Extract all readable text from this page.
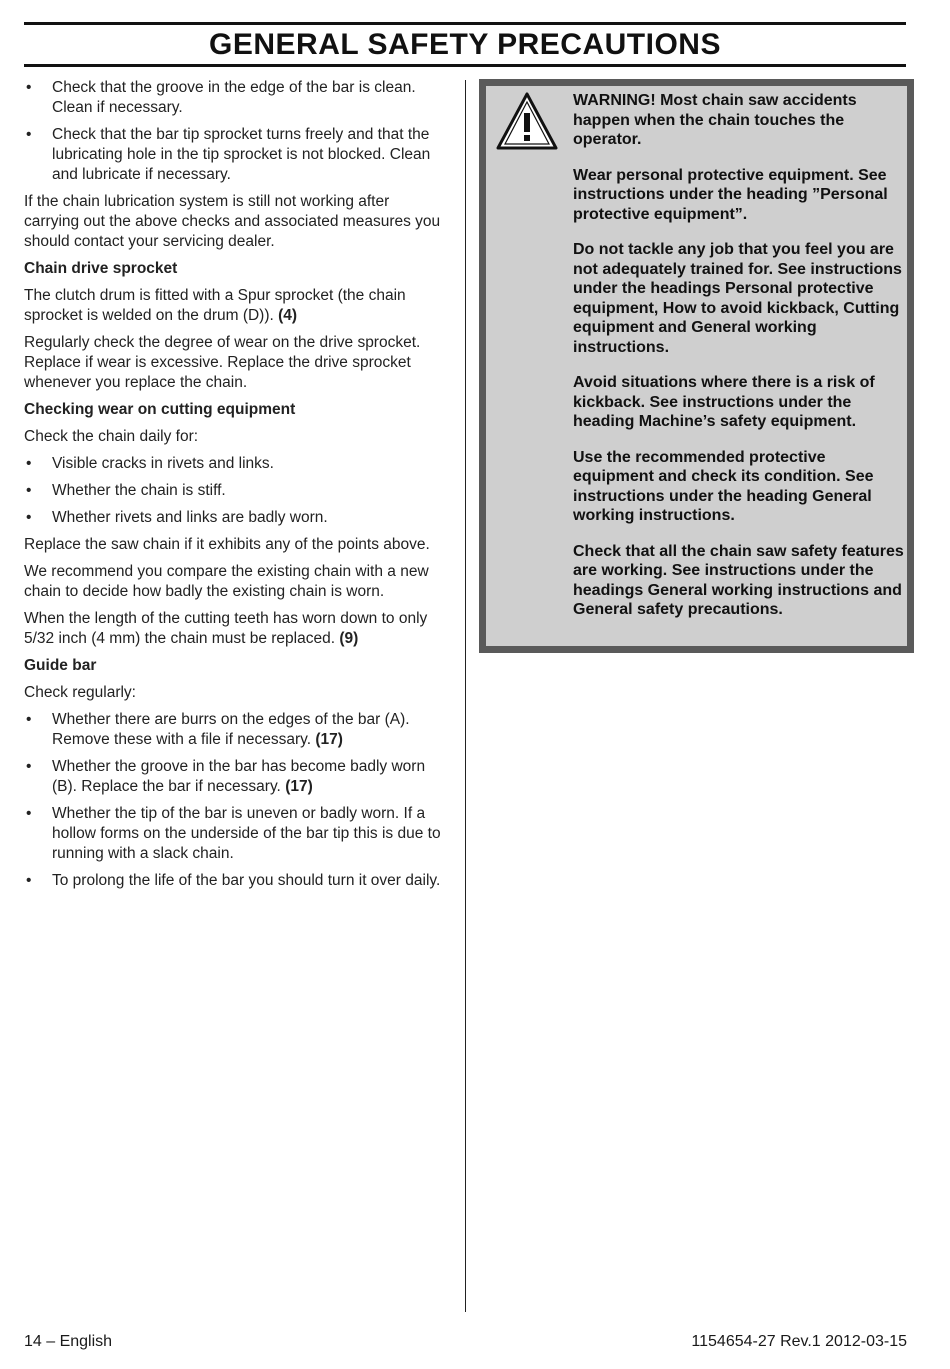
GENERAL SAFETY PRECAUTIONS
• Check that the groove in the edge of the bar is clean. Clean if necessary.
• Check that the bar tip sprocket turns freely and that the lubricating hole in the tip sprocket is not blocked. Clean and lubricate if necessary.

If the chain lubrication system is still not working after carrying out the above checks and associated measures you should contact your servicing dealer.

Chain drive sprocket

The clutch drum is fitted with a Spur sprocket (the chain sprocket is welded on the drum (D)). (4)

Regularly check the degree of wear on the drive sprocket. Replace if wear is excessive. Replace the drive sprocket whenever you replace the chain.

Checking wear on cutting equipment

Check the chain daily for:

• Visible cracks in rivets and links.
• Whether the chain is stiff.
• Whether rivets and links are badly worn.

Replace the saw chain if it exhibits any of the points above.

We recommend you compare the existing chain with a new chain to decide how badly the existing chain is worn.

When the length of the cutting teeth has worn down to only 5/32 inch (4 mm) the chain must be replaced. (9)

Guide bar

Check regularly:

• Whether there are burrs on the edges of the bar (A). Remove these with a file if necessary. (17)
• Whether the groove in the bar has become badly worn (B). Replace the bar if necessary. (17)
• Whether the tip of the bar is uneven or badly worn. If a hollow forms on the underside of the bar tip this is due to running with a slack chain.
• To prolong the life of the bar you should turn it over daily.

WARNING! Most chain saw accidents happen when the chain touches the operator.

Wear personal protective equipment. See instructions under the heading ”Personal protective equipment”.

Do not tackle any job that you feel you are not adequately trained for. See instructions under the headings Personal protective equipment, How to avoid kickback, Cutting equipment and General working instructions.

Avoid situations where there is a risk of kickback. See instructions under the heading Machine’s safety equipment.

Use the recommended protective equipment and check its condition. See instructions under the heading General working instructions.

Check that all the chain saw safety features are working. See instructions under the headings General working instructions and General safety precautions.

14 – English	1154654-27 Rev.1 2012-03-15
